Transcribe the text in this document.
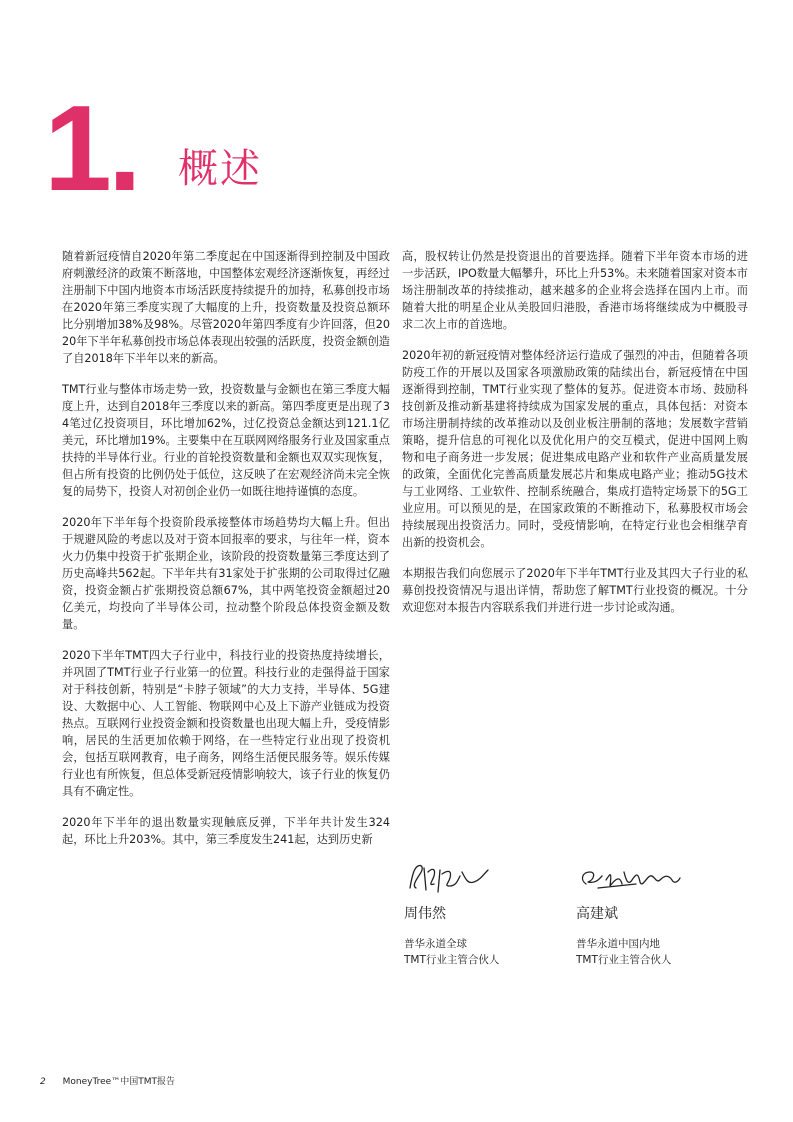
1. 概述

随着新冠疫情自2020年第二季度起在中国逐渐得到控制及中国政府刺激经济的政策不断落地，中国整体宏观经济逐渐恢复，再经过注册制下中国内地资本市场活跃度持续提升的加持，私募创投市场在2020年第三季度实现了大幅度的上升，投资数量及投资总额环比分别增加38%及98%。尽管2020年第四季度有少许回落，但2020年下半年私募创投市场总体表现出较强的活跃度，投资金额创造了自2018年下半年以来的新高。

TMT行业与整体市场走势一致，投资数量与金额也在第三季度大幅度上升，达到自2018年三季度以来的新高。第四季度更是出现了34笔过亿投资项目，环比增加62%，过亿投资总金额达到121.1亿美元，环比增加19%。主要集中在互联网网络服务行业及国家重点扶持的半导体行业。行业的首轮投资数量和金额也双双实现恢复，但占所有投资的比例仍处于低位，这反映了在宏观经济尚未完全恢复的局势下，投资人对初创企业仍一如既往地持谨慎的态度。

2020年下半年每个投资阶段承接整体市场趋势均大幅上升。但出于规避风险的考虑以及对于资本回报率的要求，与往年一样，资本火力仍集中投资于扩张期企业，该阶段的投资数量第三季度达到了历史高峰共562起。下半年共有31家处于扩张期的公司取得过亿融资，投资金额占扩张期投资总额67%，其中两笔投资金额超过20亿美元，均投向了半导体公司，拉动整个阶段总体投资金额及数量。

2020下半年TMT四大子行业中，科技行业的投资热度持续增长，并巩固了TMT行业子行业第一的位置。科技行业的走强得益于国家对于科技创新，特别是“卡脖子领域”的大力支持，半导体、5G建设、大数据中心、人工智能、物联网中心及上下游产业链成为投资热点。互联网行业投资金额和投资数量也出现大幅上升，受疫情影响，居民的生活更加依赖于网络，在一些特定行业出现了投资机会，包括互联网教育，电子商务，网络生活便民服务等。娱乐传媒行业也有所恢复，但总体受新冠疫情影响较大，该子行业的恢复仍具有不确定性。

2020年下半年的退出数量实现触底反弹，下半年共计发生324起，环比上升203%。其中，第三季度发生241起，达到历史新

高，股权转让仍然是投资退出的首要选择。随着下半年资本市场的进一步活跃，IPO数量大幅攀升，环比上升53%。未来随着国家对资本市场注册制改革的持续推动，越来越多的企业将会选择在国内上市。而随着大批的明星企业从美股回归港股，香港市场将继续成为中概股寻求二次上市的首选地。

2020年初的新冠疫情对整体经济运行造成了强烈的冲击，但随着各项防疫工作的开展以及国家各项激励政策的陆续出台，新冠疫情在中国逐渐得到控制，TMT行业实现了整体的复苏。促进资本市场、鼓励科技创新及推动新基建将持续成为国家发展的重点，具体包括：对资本市场注册制持续的改革推动以及创业板注册制的落地；发展数字营销策略，提升信息的可视化以及优化用户的交互模式，促进中国网上购物和电子商务进一步发展；促进集成电路产业和软件产业高质量发展的政策，全面优化完善高质量发展芯片和集成电路产业；推动5G技术与工业网络、工业软件、控制系统融合，集成打造特定场景下的5G工业应用。可以预见的是，在国家政策的不断推动下，私募股权市场会持续展现出投资活力。同时，受疫情影响，在特定行业也会相继孕育出新的投资机会。

本期报告我们向您展示了2020年下半年TMT行业及其四大子行业的私募创投投资情况与退出详情，帮助您了解TMT行业投资的概况。十分欢迎您对本报告内容联系我们并进行进一步讨论或沟通。

周伟然
普华永道全球
TMT行业主管合伙人
高建斌
普华永道中国内地
TMT行业主管合伙人
2 MoneyTree™中国TMT报告
